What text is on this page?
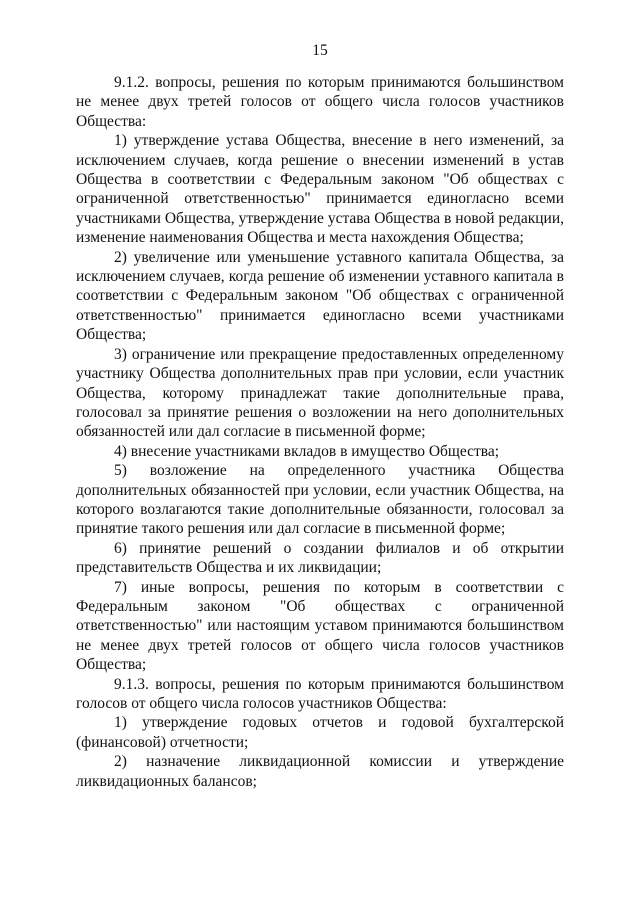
15

9.1.2. вопросы, решения по которым принимаются большинством не менее двух третей голосов от общего числа голосов участников Общества:

1) утверждение устава Общества, внесение в него изменений, за исключением случаев, когда решение о внесении изменений в устав Общества в соответствии с Федеральным законом "Об обществах с ограниченной ответственностью" принимается единогласно всеми участниками Общества, утверждение устава Общества в новой редакции, изменение наименования Общества и места нахождения Общества;

2) увеличение или уменьшение уставного капитала Общества, за исключением случаев, когда решение об изменении уставного капитала в соответствии с Федеральным законом "Об обществах с ограниченной ответственностью" принимается единогласно всеми участниками Общества;

3) ограничение или прекращение предоставленных определенному участнику Общества дополнительных прав при условии, если участник Общества, которому принадлежат такие дополнительные права, голосовал за принятие решения о возложении на него дополнительных обязанностей или дал согласие в письменной форме;

4) внесение участниками вкладов в имущество Общества;

5) возложение на определенного участника Общества дополнительных обязанностей при условии, если участник Общества, на которого возлагаются такие дополнительные обязанности, голосовал за принятие такого решения или дал согласие в письменной форме;

6) принятие решений о создании филиалов и об открытии представительств Общества и их ликвидации;

7) иные вопросы, решения по которым в соответствии с Федеральным законом "Об обществах с ограниченной ответственностью" или настоящим уставом принимаются большинством не менее двух третей голосов от общего числа голосов участников Общества;

9.1.3. вопросы, решения по которым принимаются большинством голосов от общего числа голосов участников Общества:

1) утверждение годовых отчетов и годовой бухгалтерской (финансовой) отчетности;

2) назначение ликвидационной комиссии и утверждение ликвидационных балансов;
